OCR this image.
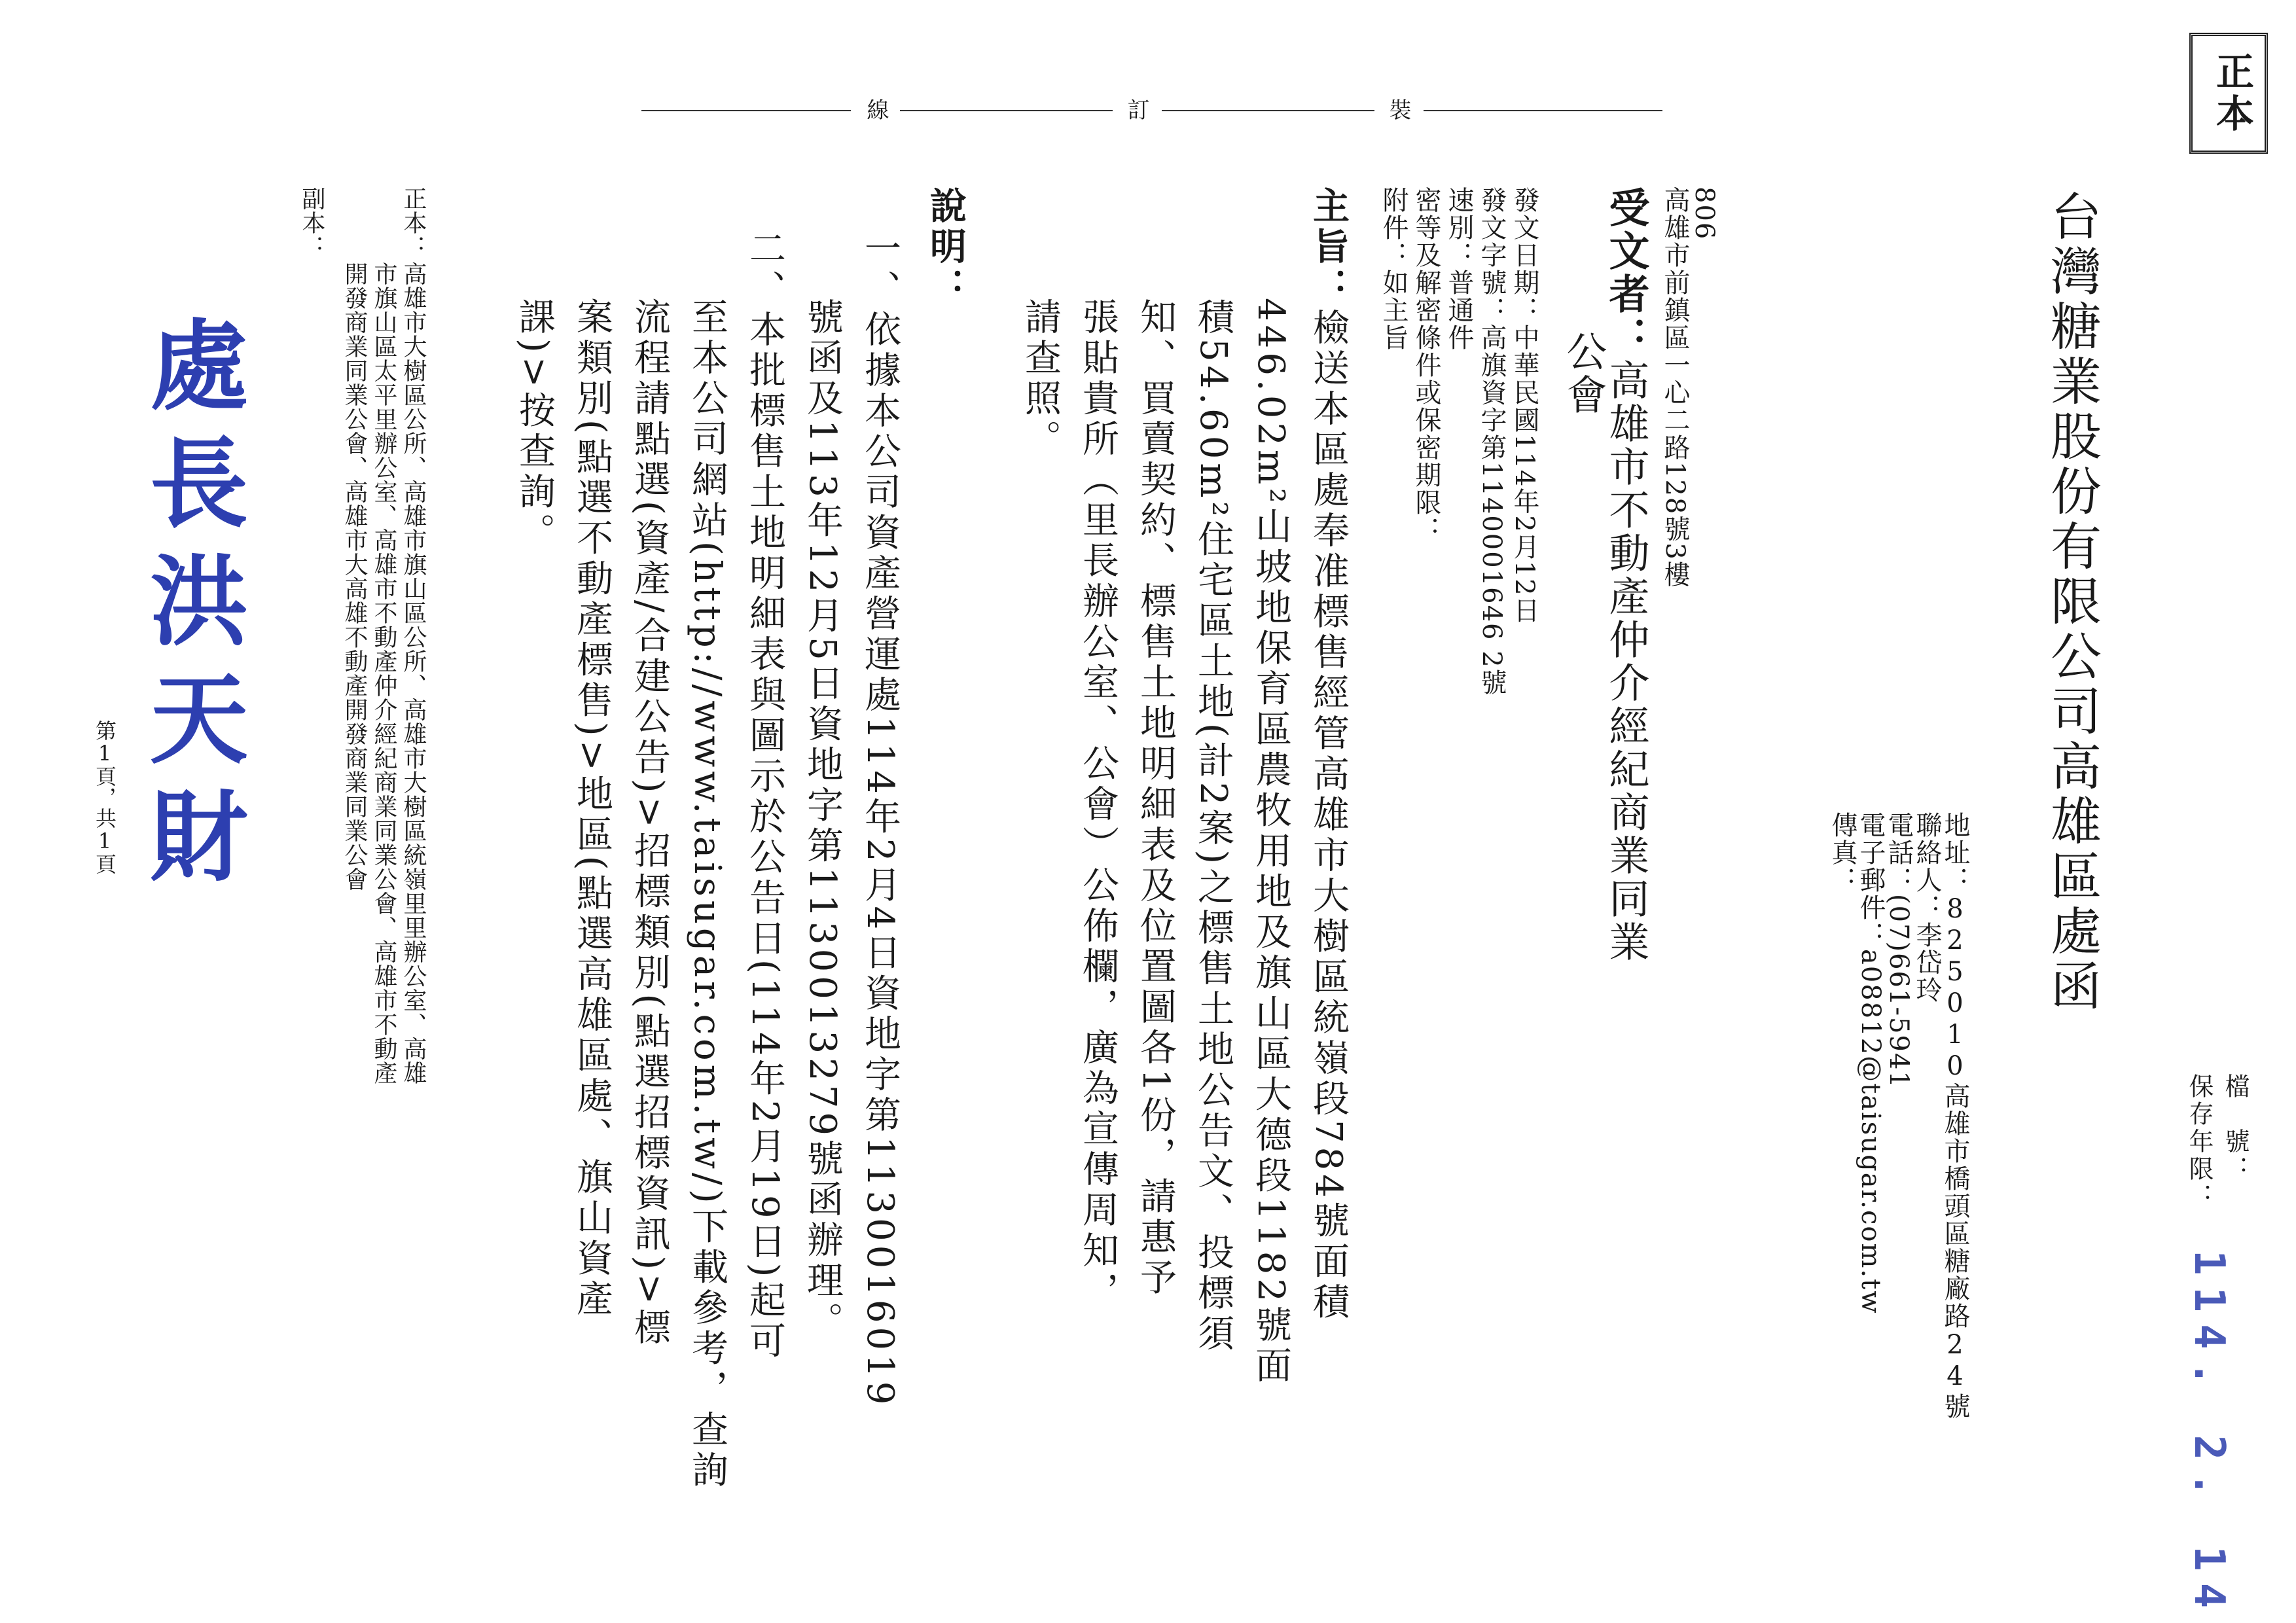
正本

檔　號：

保存年限：

114. 2. 14

台灣糖業股份有限公司高雄區處函

地址：825010高雄市橋頭區糖廠路24號

聯絡人：李岱玲

電話：(07)661-5941

電子郵件：a08812@taisugar.com.tw

傳真：

806

高雄市前鎮區一心二路128號3樓

受文者：高雄市不動產仲介經紀商業同業

公會

發文日期：中華民國114年2月12日

發文字號：高旗資字第1140001646 2號

速別：普通件

密等及解密條件或保密期限：

附件：如主旨

線	訂	裝

主旨：檢送本區處奉准標售經管高雄市大樹區統嶺段784號面積

446.02m²山坡地保育區農牧用地及旗山區大德段1182號面

積54.60m²住宅區土地(計2案)之標售土地公告文、投標須

知、買賣契約、標售土地明細表及位置圖各1份，請惠予

張貼貴所（里長辦公室、公會）公佈欄，廣為宣傳周知，

請查照。

說明：

一、依據本公司資產營運處114年2月4日資地字第1130016019

號函及113年12月5日資地字第1130013279號函辦理。

二、本批標售土地明細表與圖示於公告日(114年2月19日)起可

至本公司網站(http://www.taisugar.com.tw/)下載參考，查詢

流程請點選(資產/合建公告)>招標類別(點選招標資訊)>標

案類別(點選不動產標售)>地區(點選高雄區處、旗山資產

課)>按查詢。

正本：

高雄市大樹區公所、高雄市旗山區公所、高雄市大樹區統嶺里里辦公室、高雄

市旗山區太平里辦公室、高雄市不動產仲介經紀商業同業公會、高雄市不動產

開發商業同業公會、高雄市大高雄不動產開發商業同業公會

副本：

處長洪天財

第1頁，共1頁
